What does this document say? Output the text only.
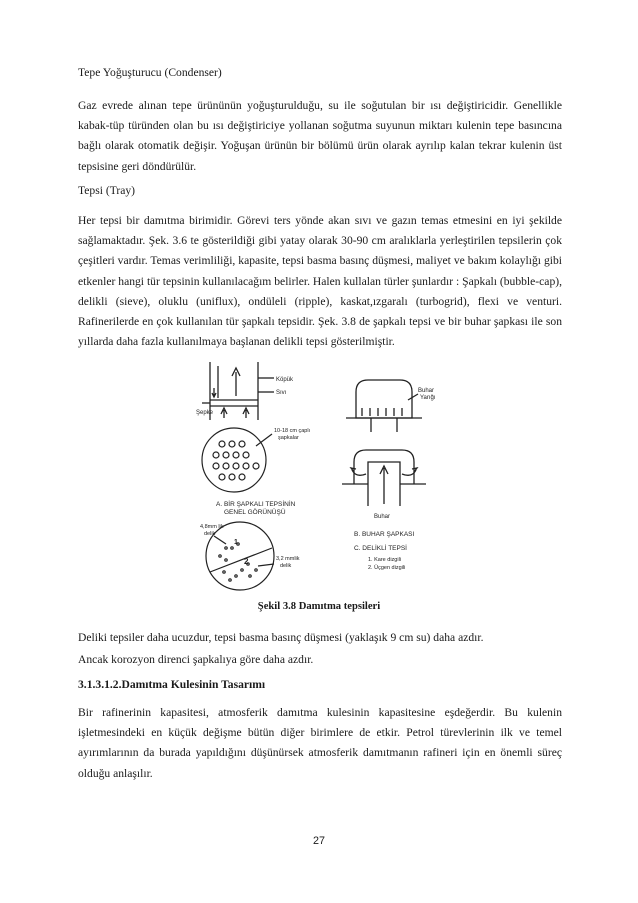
Tepe Yoğuşturucu (Condenser)
Gaz evrede alınan tepe ürününün yoğuşturulduğu, su ile soğutulan bir ısı değiştiricidir. Genellikle kabak-tüp türünden olan bu ısı değiştiriciye yollanan soğutma suyunun miktarı kulenin tepe basıncına bağlı olarak otomatik değişir. Yoğuşan ürünün bir bölümü ürün olarak ayrılıp kalan tekrar kulenin üst tepsisine geri döndürülür.
Tepsi (Tray)
Her tepsi bir damıtma birimidir. Görevi ters yönde akan sıvı ve gazın temas etmesini en iyi şekilde sağlamaktadır. Şek. 3.6 te gösterildiği gibi yatay olarak 30-90 cm aralıklarla yerleştirilen tepsilerin çok çeşitleri vardır. Temas verimliliği, kapasite, tepsi basma basınç düşmesi, maliyet ve bakım kolaylığı gibi etkenler hangi tür tepsinin kullanılacağım belirler. Halen kullalan türler şunlardır : Şapkalı (bubble-cap), delikli (sieve), oluklu (uniflux), ondüleli (ripple), kaskat,ızgaralı (turbogrid), flexi ve venturi. Rafinerilerde en çok kullanılan tür şapkalı tepsidir. Şek. 3.8 de şapkalı tepsi ve bir buhar şapkası ile son yıllarda daha fazla kullanılmaya başlanan delikli tepsi gösterilmiştir.
Köpük
Sıvı
Şepke
10-18 cm çaplı
şapkalar
A. BİR ŞAPKALI TEPSİNİN
GENEL GÖRÜNÜŞÜ
1
2
4,8mm lik
delik
3,2 mmlik
delik
Buhar
Yarığı
Buhar
B. BUHAR ŞAPKASI
C. DELİKLİ TEPSİ
1. Kare dizgili
2. Üçgen dizgili
Şekil 3.8 Damıtma tepsileri
Deliki tepsiler daha ucuzdur, tepsi basma basınç düşmesi (yaklaşık 9 cm su) daha azdır.
Ancak korozyon direnci şapkalıya göre daha azdır.
3.1.3.1.2.Damıtma Kulesinin Tasarımı
Bir rafinerinin kapasitesi, atmosferik damıtma kulesinin kapasitesine eşdeğerdir. Bu kulenin işletmesindeki en küçük değişme bütün diğer birimlere de etkir. Petrol türevlerinin ilk ve temel ayırımlarının da burada yapıldığını düşünürsek atmosferik damıtmanın rafineri için en önemli süreç olduğu anlaşılır.
27
